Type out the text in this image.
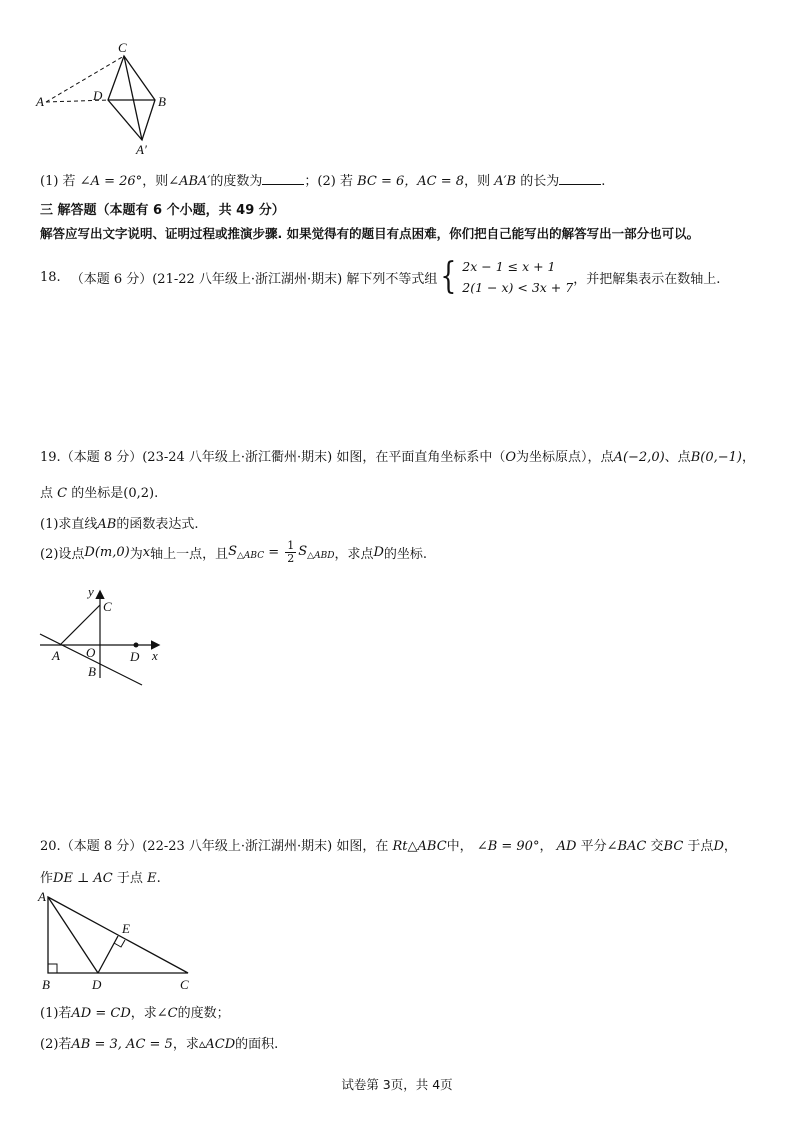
C
A	D	B
A′
(1) 若 ∠A = 26°，则∠ABA′的度数为	；(2) 若 BC = 6，AC = 8，则 A′B 的长为	.
三 解答题（本题有 6 个小题，共 49 分）
解答应写出文字说明、证明过程或推演步骤. 如果觉得有的题目有点困难，你们把自己能写出的解答写出一部分也可以。
18. （本题 6 分）(21-22 八年级上·浙江湖州·期末) 解下列不等式组 { 2x − 1 ≤ x + 1
2(1 − x) < 3x + 7
，并把解集表示在数轴上.
19.（本题 8 分）(23-24 八年级上·浙江衢州·期末) 如图，在平面直角坐标系中（O为坐标原点），点A(−2,0)、点B(0,−1)，
点 C 的坐标是(0,2).
(1)求直线AB的函数表达式.
(2)设点 D(m,0) 为 x 轴上一点，且 $S_{\triangle ABC} = \frac{1}{2} S_{\triangle ABD}$ ，求点 D 的坐标.
y
C
A O	D x
B
20.（本题 8 分）(22-23 八年级上·浙江湖州·期末) 如图，在 Rt△ABC中， ∠B = 90°， AD 平分∠BAC 交BC 于点D，
作DE ⊥ AC 于点 E.
A
E
B	D	C
(1)若AD = CD，求∠C的度数；
(2)若AB = 3, AC = 5，求▵ACD的面积.
试卷第 3页，共 4页
